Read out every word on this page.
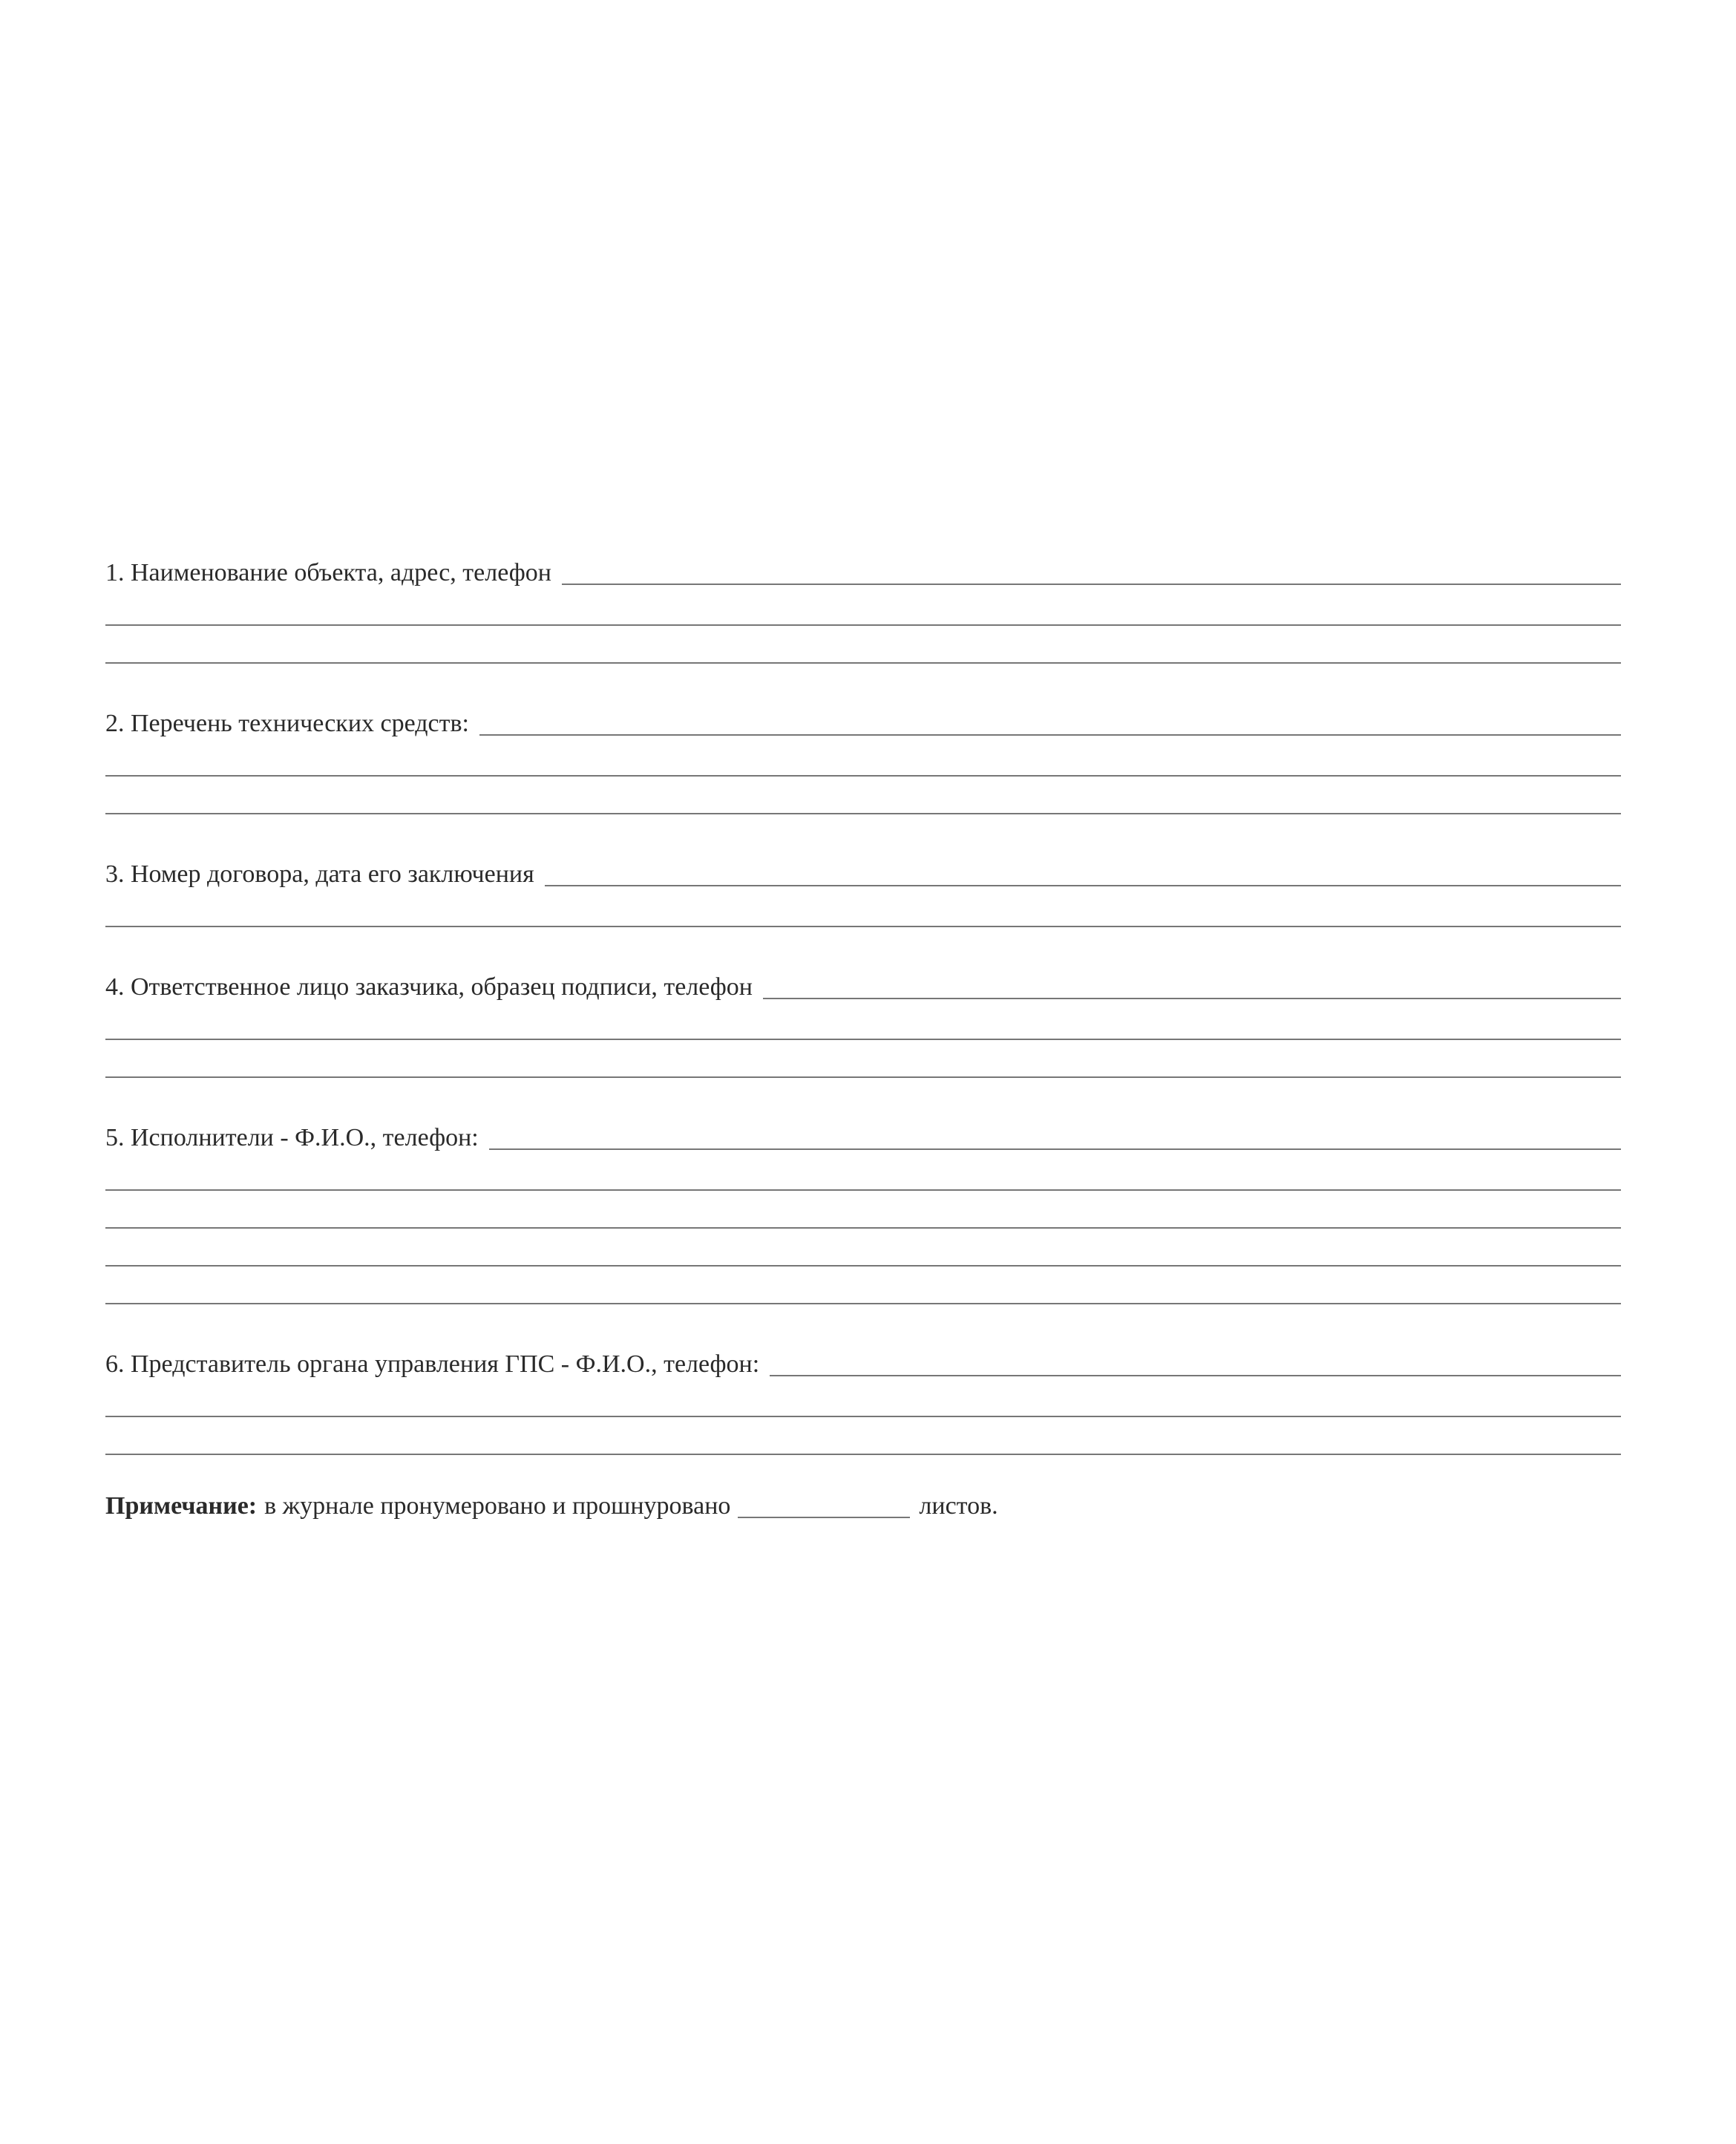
1. Наименование объекта, адрес, телефон
2. Перечень технических средств:
3. Номер договора, дата его заключения
4. Ответственное лицо заказчика, образец подписи, телефон
5. Исполнители - Ф.И.О., телефон:
6. Представитель органа управления ГПС - Ф.И.О., телефон:
Примечание: в журнале пронумеровано и прошнуровано	листов.
